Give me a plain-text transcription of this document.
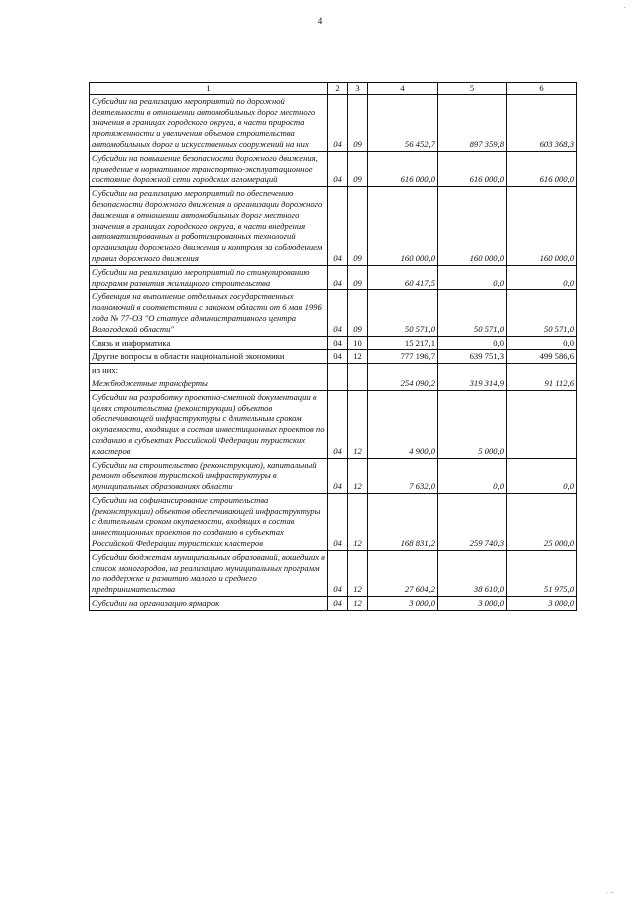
·
4
1	2	3	4	5	6
Субсидии на реализацию мероприятий по дорожной деятельности в отношении автомобильных дорог местного значения в границах городского округа, в части прироста протяженности и увеличения объемов строительства автомобильных дорог и искусственных сооружений на них	04	09	56 452,7	897 359,8	603 368,3
Субсидии на повышение безопасности дорожного движения, приведение в нормативное транспортно-эксплуатационное состояние дорожной сети городских агломераций	04	09	616 000,0	616 000,0	616 000,0
Субсидии на реализацию мероприятий по обеспечению безопасности дорожного движения и организации дорожного движения в отношении автомобильных дорог местного значения в границах городского округа, в части внедрения автоматизированных и роботизированных технологий организации дорожного движения и контроля за соблюдением правил дорожного движения	04	09	160 000,0	160 000,0	160 000,0
Субсидии на реализацию мероприятий по стимулированию программ развития жилищного строительства	04	09	60 417,5	0,0	0,0
Субвенция на выполнение отдельных государственных полномочий в соответствии с законом области от 6 мая 1996 года № 77-ОЗ "О статусе административного центра Вологодской области"	04	09	50 571,0	50 571,0	50 571,0
Связь и информатика	04	10	15 217,1	0,0	0,0
Другие вопросы в области национальной экономики	04	12	777 196,7	639 751,3	499 586,6
из них:					
Межбюджетные трансферты			254 090,2	319 314,9	91 112,6
Субсидии на разработку проектно-сметной документации в целях строительства (реконструкции) объектов обеспечивающей инфраструктуры с длительным сроком окупаемости, входящих в состав инвестиционных проектов по созданию в субъектах Российской Федерации туристских кластеров	04	12	4 900,0	5 000,0	
Субсидии на строительство (реконструкцию), капитальный ремонт объектов туристской инфраструктуры в муниципальных образованиях области	04	12	7 632,0	0,0	0,0
Субсидии на софинансирование строительства (реконструкции) объектов обеспечивающей инфраструктуры с длительным сроком окупаемости, входящих в состав инвестиционных проектов по созданию в субъектах Российской Федерации туристских кластеров	04	12	168 831,2	259 740,3	25 000,0
Субсидии бюджетам муниципальных образований, вошедших в список моногородов, на реализацию муниципальных программ по поддержке и развитию малого и среднего предпринимательства	04	12	27 604,2	38 610,0	51 975,0
Субсидии на организацию ярмарок	04	12	3 000,0	3 000,0	3 000,0
. ...
